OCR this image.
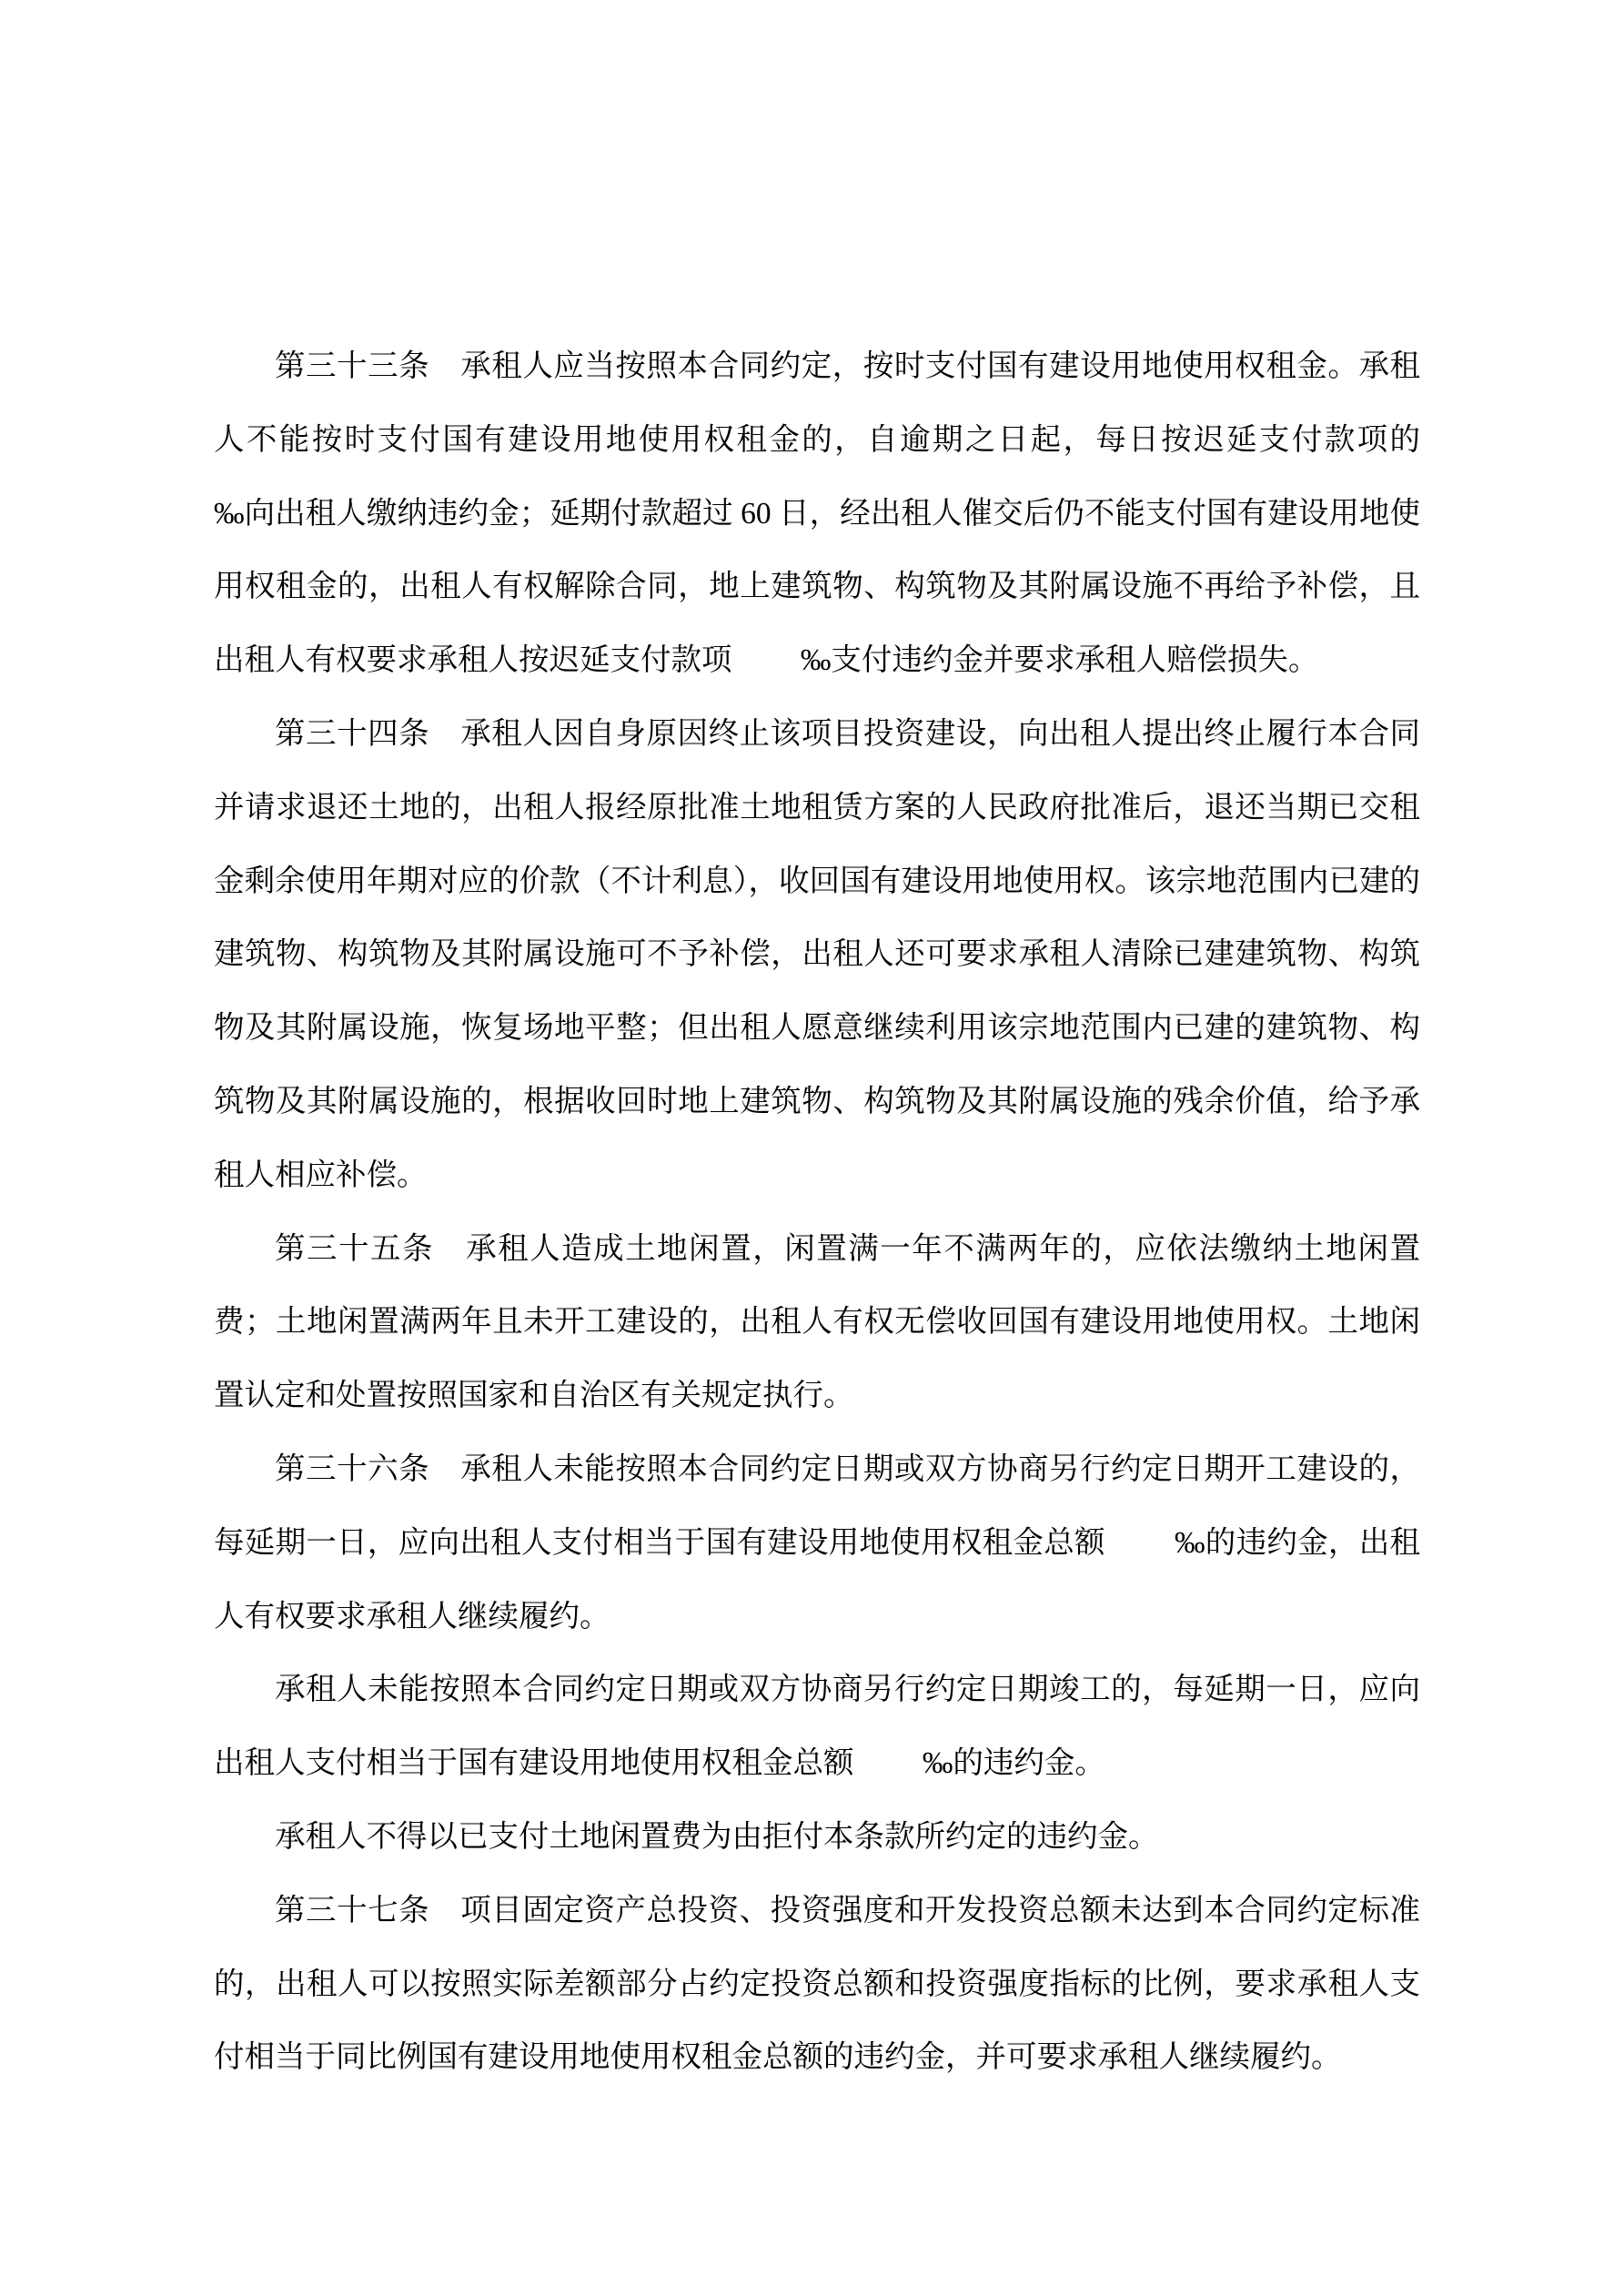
第三十三条　承租人应当按照本合同约定，按时支付国有建设用地使用权租金。承租人不能按时支付国有建设用地使用权租金的，自逾期之日起，每日按迟延支付款项的　　 ‰向出租人缴纳违约金；延期付款超过 60 日，经出租人催交后仍不能支付国有建设用地使用权租金的，出租人有权解除合同，地上建筑物、构筑物及其附属设施不再给予补偿，且出租人有权要求承租人按迟延支付款项　　 ‰支付违约金并要求承租人赔偿损失。

第三十四条　承租人因自身原因终止该项目投资建设，向出租人提出终止履行本合同并请求退还土地的，出租人报经原批准土地租赁方案的人民政府批准后，退还当期已交租金剩余使用年期对应的价款（不计利息），收回国有建设用地使用权。该宗地范围内已建的建筑物、构筑物及其附属设施可不予补偿，出租人还可要求承租人清除已建建筑物、构筑物及其附属设施，恢复场地平整；但出租人愿意继续利用该宗地范围内已建的建筑物、构筑物及其附属设施的，根据收回时地上建筑物、构筑物及其附属设施的残余价值，给予承租人相应补偿。

第三十五条　承租人造成土地闲置，闲置满一年不满两年的，应依法缴纳土地闲置费；土地闲置满两年且未开工建设的，出租人有权无偿收回国有建设用地使用权。土地闲置认定和处置按照国家和自治区有关规定执行。

第三十六条　承租人未能按照本合同约定日期或双方协商另行约定日期开工建设的，每延期一日，应向出租人支付相当于国有建设用地使用权租金总额　　 ‰的违约金，出租人有权要求承租人继续履约。

承租人未能按照本合同约定日期或双方协商另行约定日期竣工的，每延期一日，应向出租人支付相当于国有建设用地使用权租金总额　　 ‰的违约金。

承租人不得以已支付土地闲置费为由拒付本条款所约定的违约金。

第三十七条　项目固定资产总投资、投资强度和开发投资总额未达到本合同约定标准的，出租人可以按照实际差额部分占约定投资总额和投资强度指标的比例，要求承租人支付相当于同比例国有建设用地使用权租金总额的违约金，并可要求承租人继续履约。
